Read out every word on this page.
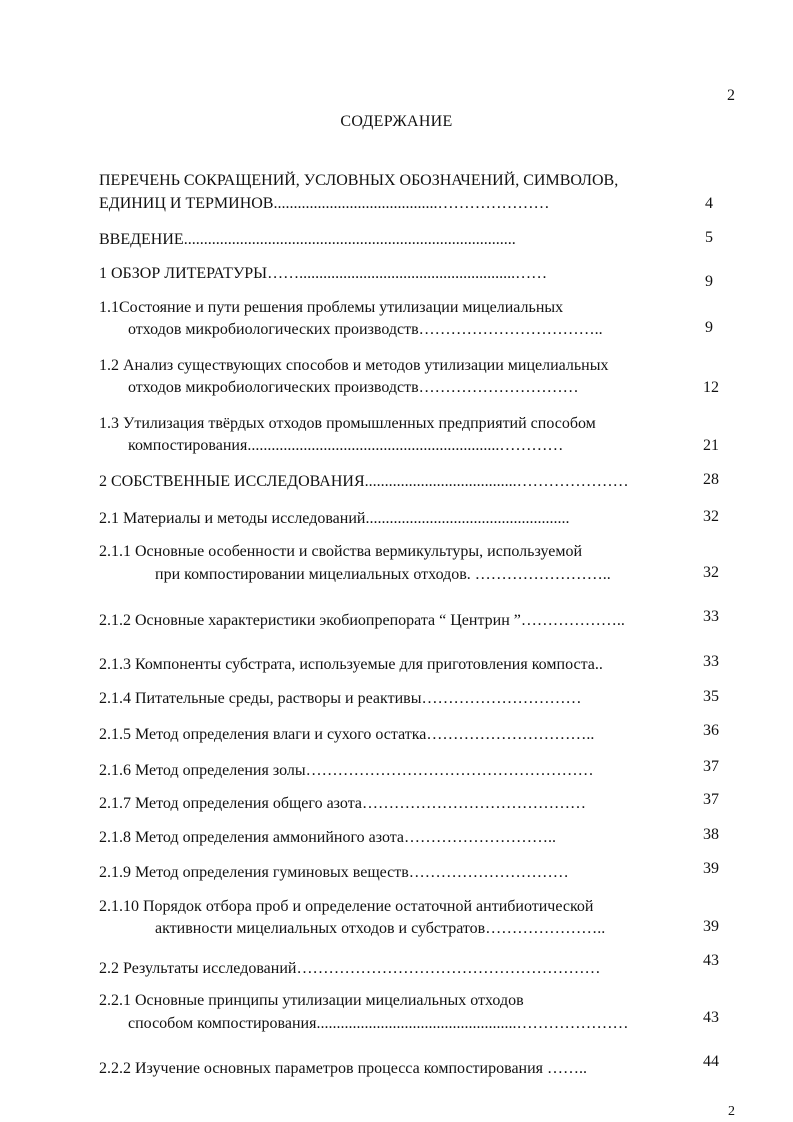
2
СОДЕРЖАНИЕ
ПЕРЕЧЕНЬ СОКРАЩЕНИЙ, УСЛОВНЫХ ОБОЗНАЧЕНИЙ, СИМВОЛОВ,
ЕДИНИЦ И ТЕРМИНОВ.........................................…………………	4
ВВЕДЕНИЕ...................................................................................	5
1 ОБЗОР ЛИТЕРАТУРЫ……......................................................……	9
1.1Состояние и пути решения проблемы утилизации мицелиальных
отходов микробиологических производств……………………………..	9
1.2 Анализ существующих способов и методов утилизации мицелиальных
отходов микробиологических производств…………………………	12
1.3 Утилизация твёрдых отходов промышленных предприятий способом
компостирования...............................................................…………	21
2 СОБСТВЕННЫЕ ИССЛЕДОВАНИЯ......................................…………………	28
2.1 Материалы и методы исследований...................................................	32
2.1.1 Основные особенности и свойства вермикультуры, используемой
при компостировании мицелиальных отходов. ……………………..	32
2.1.2 Основные характеристики экобиопрепората “ Центрин ”………………..	33
2.1.3 Компоненты субстрата, используемые для приготовления компоста..	33
2.1.4 Питательные среды, растворы и реактивы…………………………	35
2.1.5 Метод определения влаги и сухого остатка…………………………..	36
2.1.6 Метод определения золы………………………………………………	37
2.1.7 Метод определения общего азота……………………………………	37
2.1.8 Метод определения аммонийного азота………………………..	38
2.1.9 Метод определения гуминовых веществ…………………………	39
2.1.10 Порядок отбора проб и определение остаточной антибиотической
активности мицелиальных отходов и субстратов…………………..	39
2.2 Результаты исследований…………………………………………………	43
2.2.1 Основные принципы утилизации мицелиальных отходов
способом компостирования..................................................…………………	43
2.2.2 Изучение основных параметров процесса компостирования ……..	44
2
